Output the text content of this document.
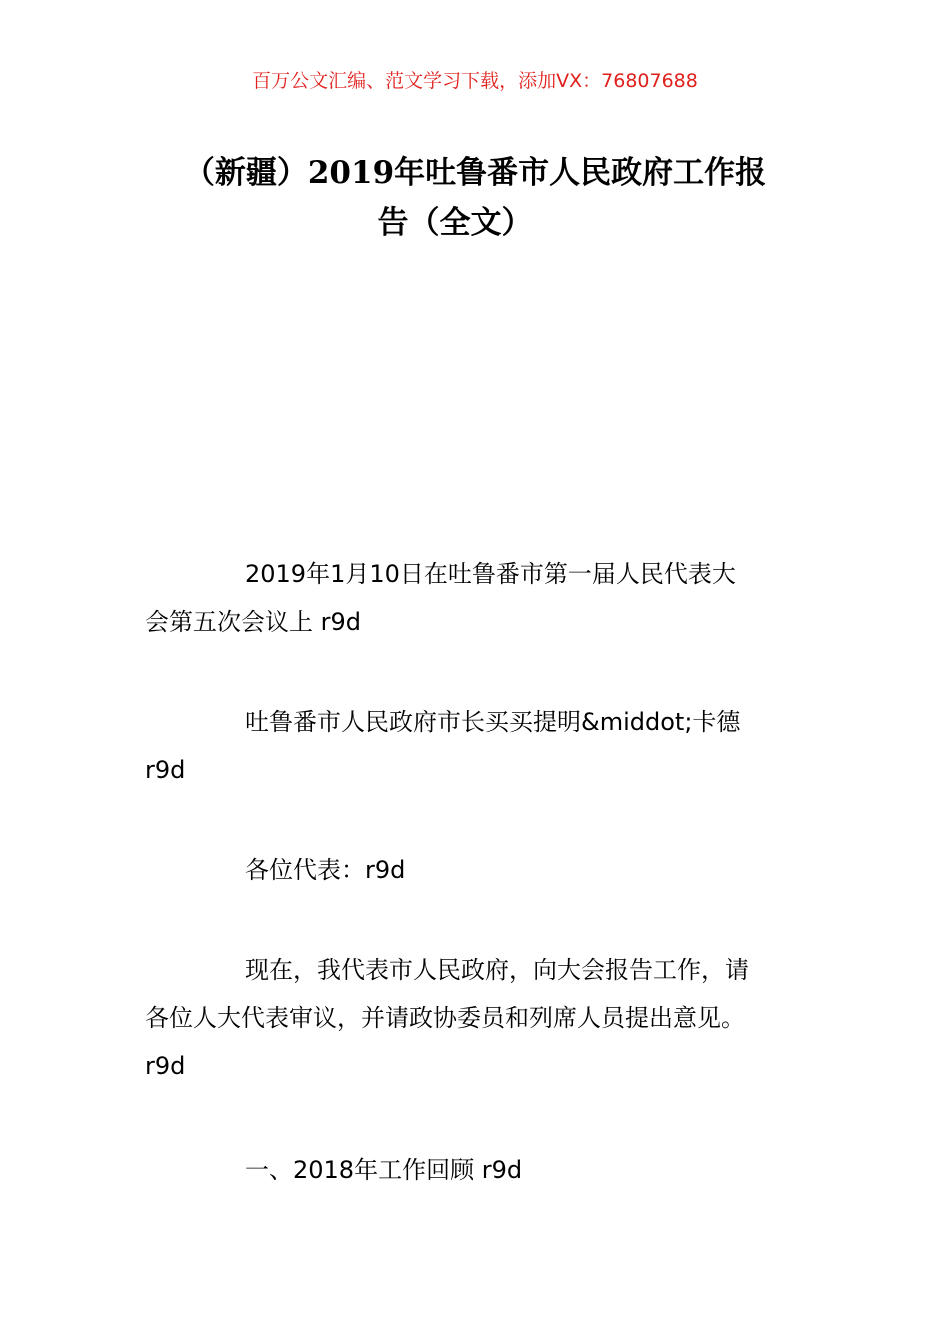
百万公文汇编、范文学习下载，添加VX：76807688
（新疆）2019年吐鲁番市人民政府工作报
告（全文）
2019年1月10日在吐鲁番市第一届人民代表大
会第五次会议上 r9d
吐鲁番市人民政府市长买买提明&middot;卡德
r9d
各位代表：r9d
现在，我代表市人民政府，向大会报告工作，请
各位人大代表审议，并请政协委员和列席人员提出意见。
r9d
一、2018年工作回顾 r9d
